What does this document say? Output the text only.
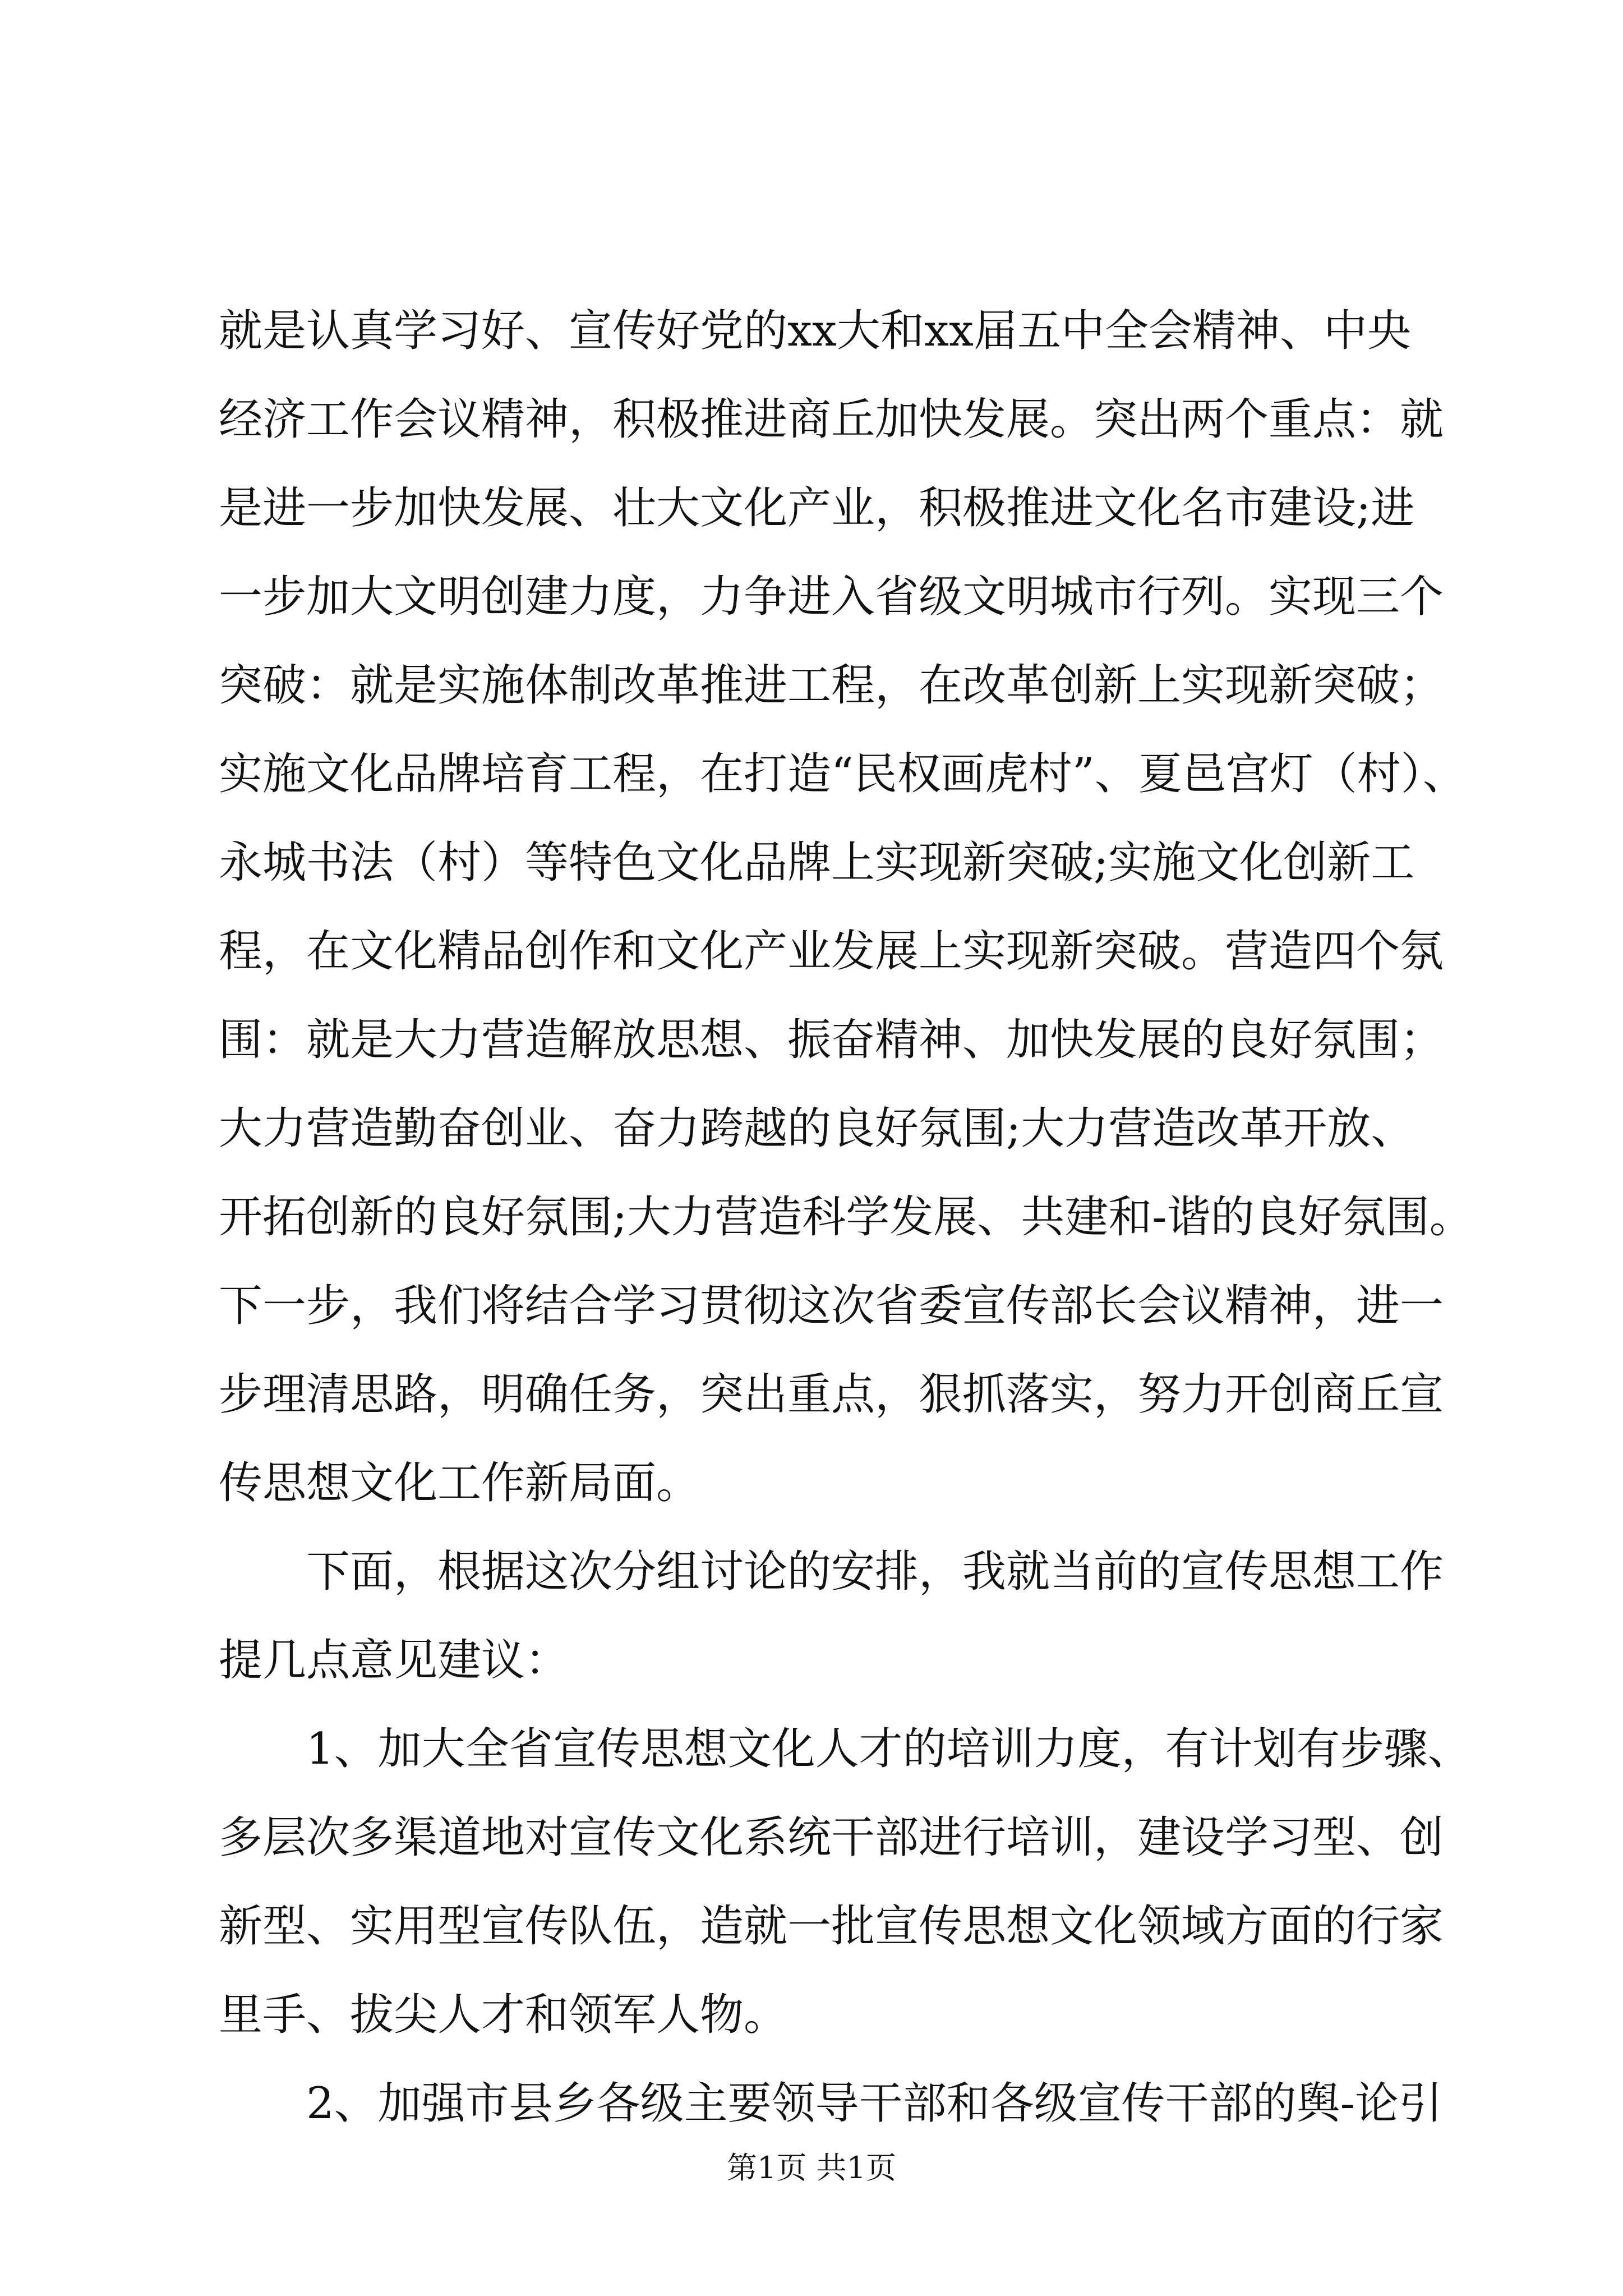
就是认真学习好、宣传好党的xx大和xx届五中全会精神、中央
经济工作会议精神，积极推进商丘加快发展。突出两个重点：就
是进一步加快发展、壮大文化产业，积极推进文化名市建设;进
一步加大文明创建力度，力争进入省级文明城市行列。实现三个
突破：就是实施体制改革推进工程，在改革创新上实现新突破；
实施文化品牌培育工程，在打造“民权画虎村”、夏邑宫灯（村）、
永城书法（村）等特色文化品牌上实现新突破;实施文化创新工
程，在文化精品创作和文化产业发展上实现新突破。营造四个氛
围：就是大力营造解放思想、振奋精神、加快发展的良好氛围；
大力营造勤奋创业、奋力跨越的良好氛围;大力营造改革开放、
开拓创新的良好氛围;大力营造科学发展、共建和-谐的良好氛围。
下一步，我们将结合学习贯彻这次省委宣传部长会议精神，进一
步理清思路，明确任务，突出重点，狠抓落实，努力开创商丘宣
传思想文化工作新局面。
下面，根据这次分组讨论的安排，我就当前的宣传思想工作
提几点意见建议：
1、加大全省宣传思想文化人才的培训力度，有计划有步骤、
多层次多渠道地对宣传文化系统干部进行培训，建设学习型、创
新型、实用型宣传队伍，造就一批宣传思想文化领域方面的行家
里手、拔尖人才和领军人物。
2、加强市县乡各级主要领导干部和各级宣传干部的舆-论引
第1页 共1页
